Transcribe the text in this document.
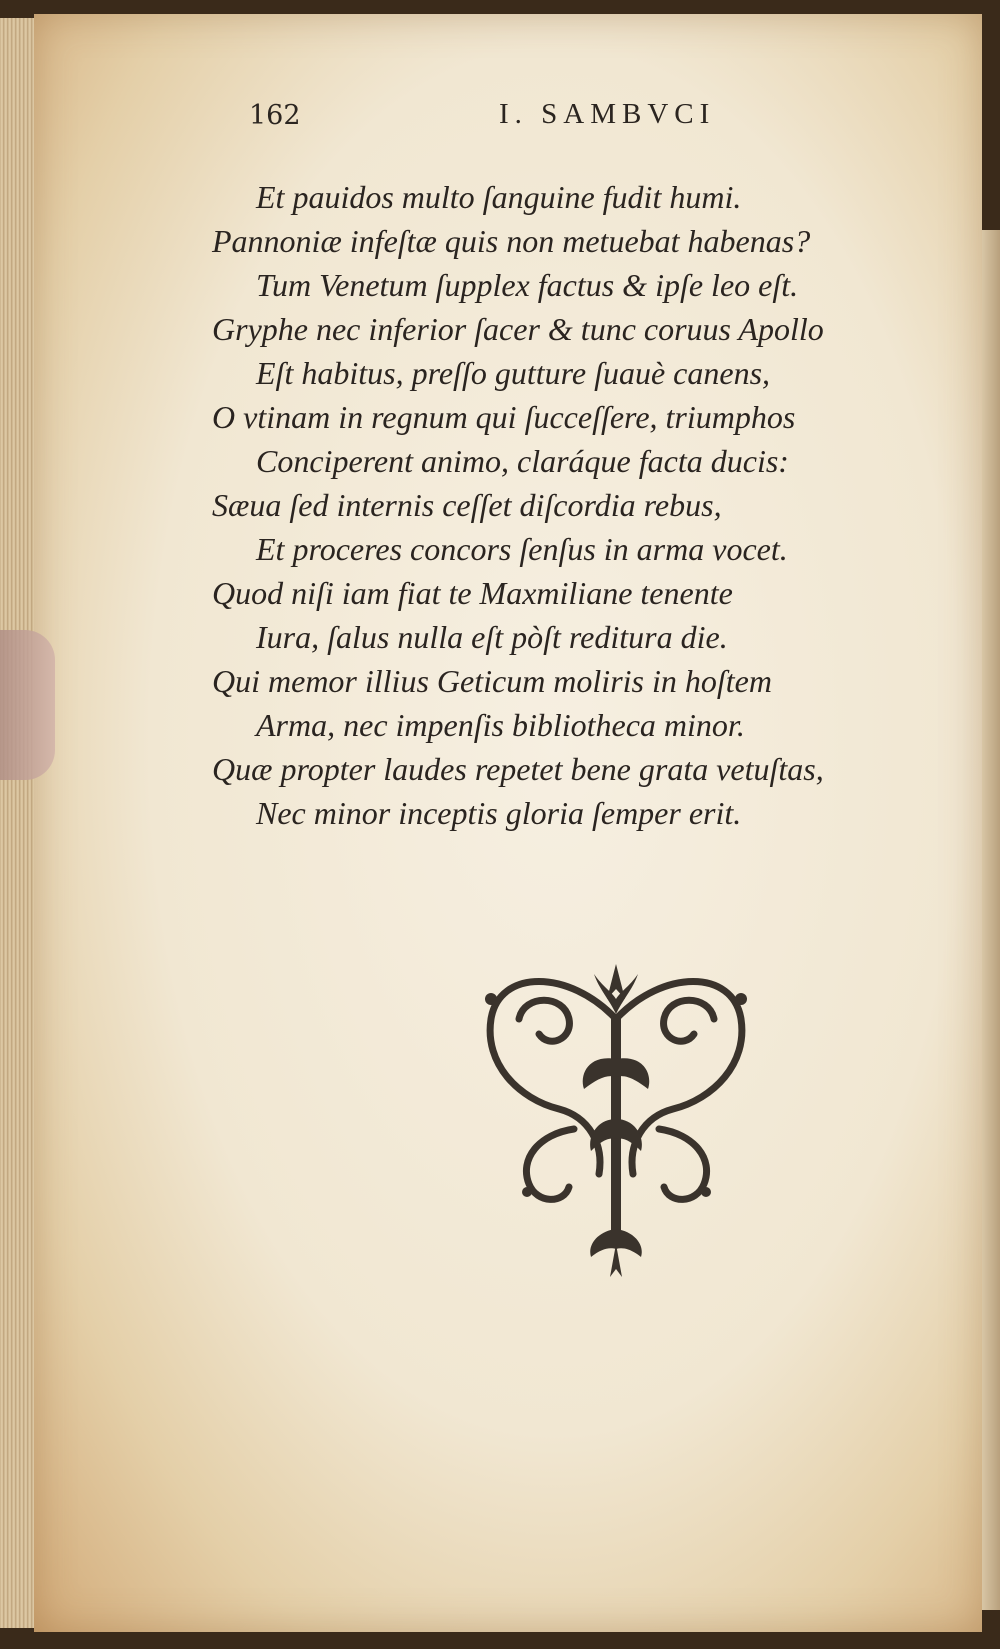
162	I. SAMBVCI
Et pauidos multo ſanguine fudit humi.
Pannoniæ infeſtæ quis non metuebat habenas?
Tum Venetum ſupplex factus & ipſe leo eſt.
Gryphe nec inferior ſacer & tunc coruus Apollo
Eſt habitus, preſſo gutture ſuauè canens,
O vtinam in regnum qui ſucceſſere, triumphos
Conciperent animo, claráque facta ducis:
Sæua ſed internis ceſſet diſcordia rebus,
Et proceres concors ſenſus in arma vocet.
Quod niſi iam fiat te Maxmiliane tenente
Iura, ſalus nulla eſt pòſt reditura die.
Qui memor illius Geticum moliris in hoſtem
Arma, nec impenſis bibliotheca minor.
Quæ propter laudes repetet bene grata vetuſtas,
Nec minor inceptis gloria ſemper erit.
